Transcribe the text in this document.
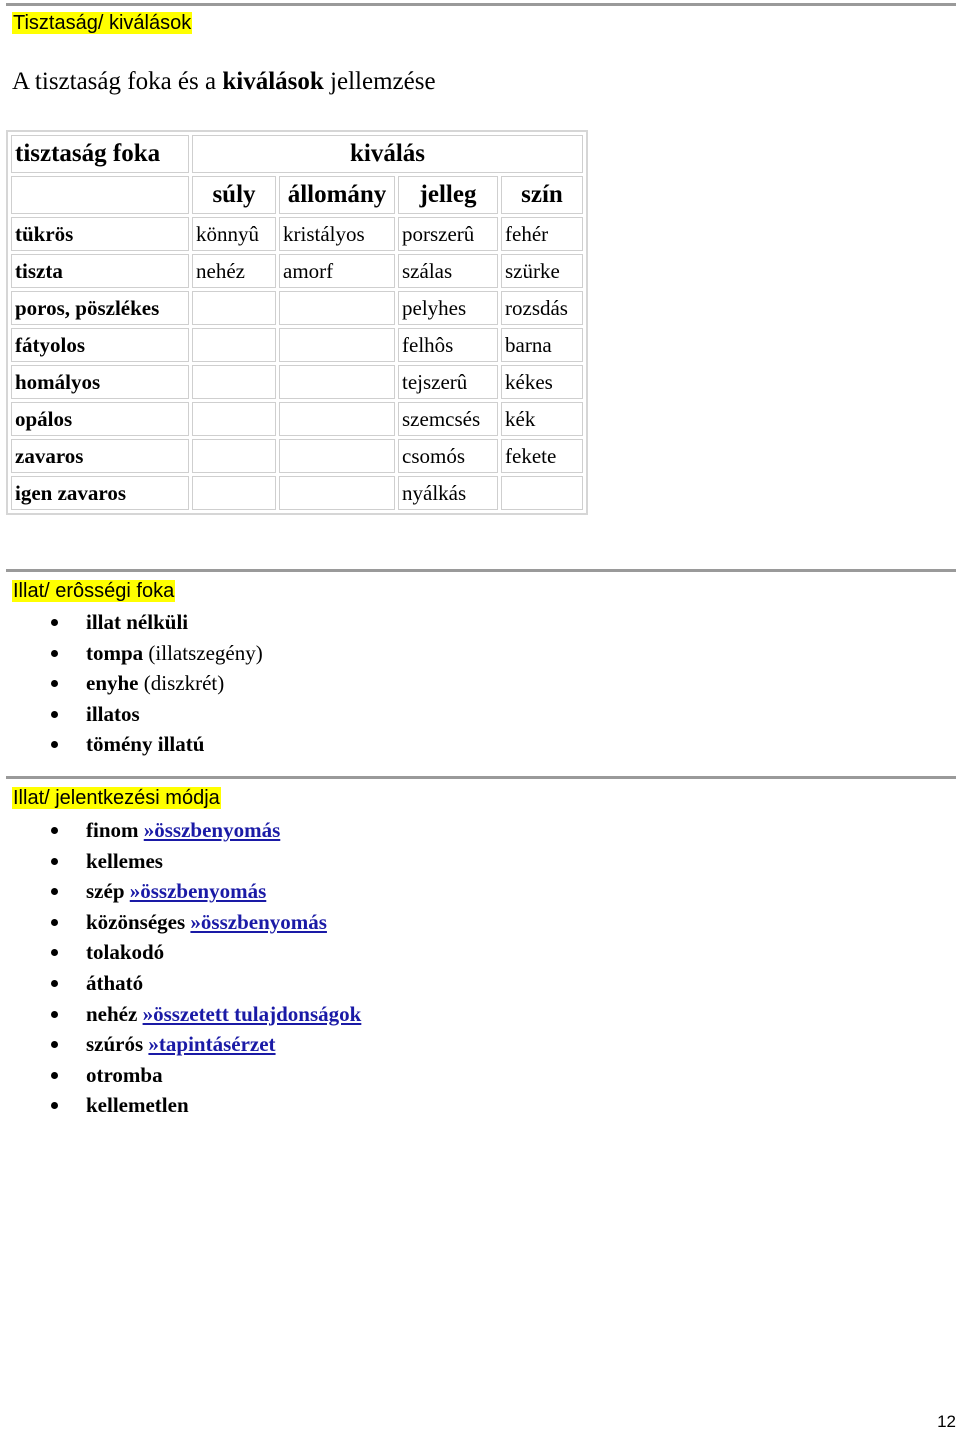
Tisztaság/ kiválások
A tisztaság foka és a kiválások jellemzése
tisztaság foka	kiválás			
	súly	állomány	jelleg	szín
tükrös	könnyû	kristályos	porszerû	fehér
tiszta	nehéz	amorf	szálas	szürke
poros, pöszlékes			pelyhes	rozsdás
fátyolos			felhôs	barna
homályos			tejszerû	kékes
opálos			szemcsés	kék
zavaros			csomós	fekete
igen zavaros			nyálkás	
Illat/ erôsségi foka
illat nélküli
tompa (illatszegény)
enyhe (diszkrét)
illatos
tömény illatú
Illat/ jelentkezési módja
finom »összbenyomás
kellemes
szép »összbenyomás
közönséges »összbenyomás
tolakodó
átható
nehéz »összetett tulajdonságok
szúrós »tapintásérzet
otromba
kellemetlen
12
